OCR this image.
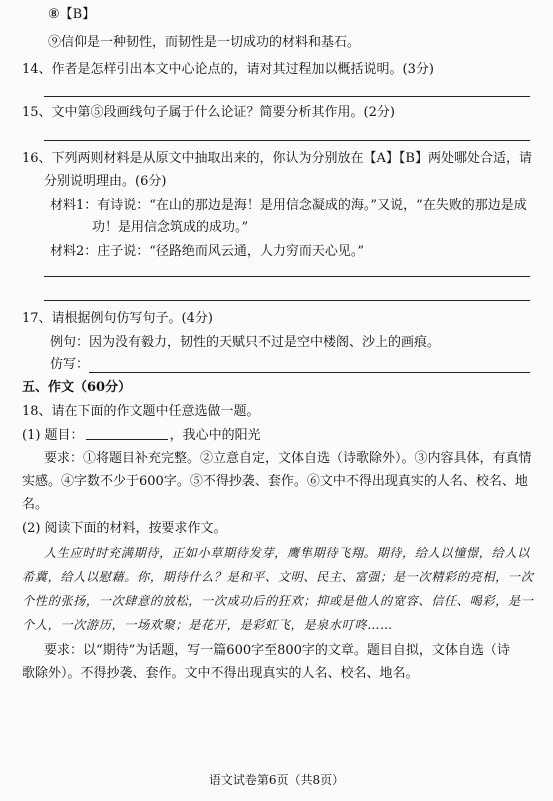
⑧【B】
⑨信仰是一种韧性，而韧性是一切成功的材料和基石。
14、作者是怎样引出本文中心论点的，请对其过程加以概括说明。(3分)
15、文中第⑤段画线句子属于什么论证？简要分析其作用。(2分)
16、下列两则材料是从原文中抽取出来的，你认为分别放在【A】【B】两处哪处合适，请
分别说明理由。(6分)
材料1：有诗说：“在山的那边是海！是用信念凝成的海。”又说，“在失败的那边是成
功！是用信念筑成的成功。”
材料2：庄子说：“径路绝而风云通，人力穷而天心见。”
17、请根据例句仿写句子。(4分)
例句：因为没有毅力，韧性的天赋只不过是空中楼阁、沙上的画痕。
仿写：
五、作文（60分）
18、请在下面的作文题中任意选做一题。
(1) 题目：	，我心中的阳光
要求：①将题目补充完整。②立意自定，文体自选（诗歌除外）。③内容具体，有真情
实感。④字数不少于600字。⑤不得抄袭、套作。⑥文中不得出现真实的人名、校名、地
名。
(2) 阅读下面的材料，按要求作文。
人生应时时充满期待，正如小草期待发芽，鹰隼期待飞翔。期待，给人以憧憬，给人以
希冀，给人以慰藉。你，期待什么？是和平、文明、民主、富强；是一次精彩的亮相，一次
个性的张扬，一次肆意的放松，一次成功后的狂欢；抑或是他人的宽容、信任、喝彩，是一
个人，一次游历，一场欢聚；是花开，是彩虹飞，是泉水叮咚……
要求：以“期待”为话题，写一篇600字至800字的文章。题目自拟，文体自选（诗
歌除外）。不得抄袭、套作。文中不得出现真实的人名、校名、地名。
语文试卷第6页（共8页）
